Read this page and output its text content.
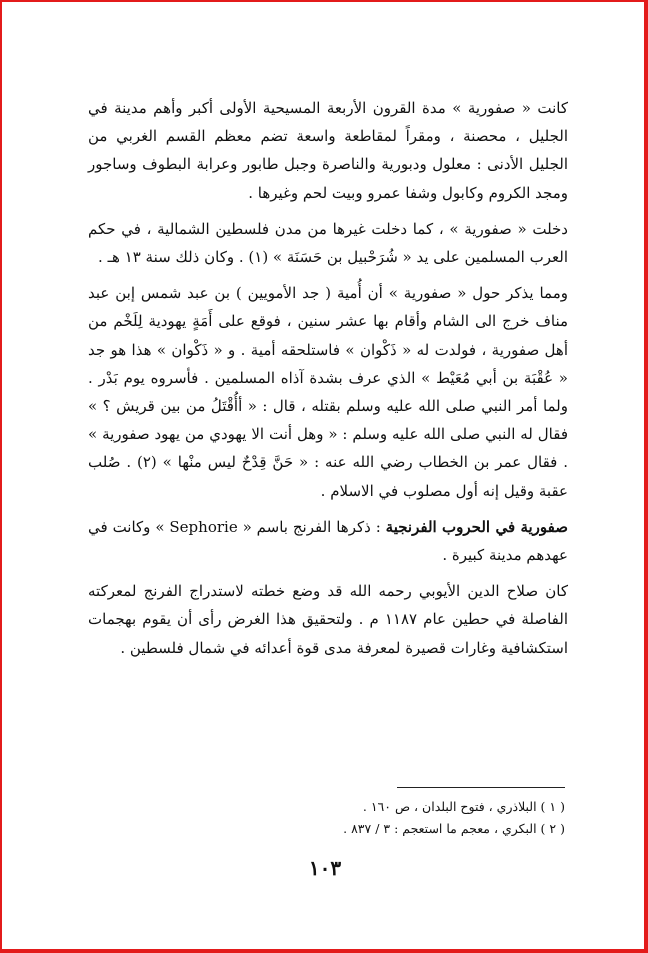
كانت « صفورية » مدة القرون الأربعة المسيحية الأولى أكبر وأهم مدينة في الجليل ، محصنة ، ومقراً لمقاطعة واسعة تضم معظم القسم الغربي من الجليل الأدنى : معلول ودبورية والناصرة وجبل طابور وعرابة البطوف وساجور ومجد الكروم وكابول وشفا عمرو وبيت لحم وغيرها .

دخلت « صفورية » ، كما دخلت غيرها من مدن فلسطين الشمالية ، في حكم العرب المسلمين على يد « شُرَحْبيل بن حَسَنَة » (١) . وكان ذلك سنة ١٣ هـ .

ومما يذكر حول « صفورية » أن أُمية ( جد الأمويين ) بن عبد شمس إبن عبد مناف خرج الى الشام وأقام بها عشر سنين ، فوقع على أَمَةٍ يهودية لِلَخْم من أهل صفورية ، فولدت له « ذَكْوان » فاستلحقه أمية . و « ذَكْوان » هذا هو جد « عُقْبَة بن أبي مُعَيْط » الذي عرف بشدة آذاه المسلمين . فأسروه يوم بَدْر . ولما أمر النبي صلى الله عليه وسلم بقتله ، قال : « أأُقْتَلُ من بين قريش ؟ » فقال له النبي صلى الله عليه وسلم : « وهل أنت الا يهودي من يهود صفورية » . فقال عمر بن الخطاب رضي الله عنه : « حَنَّ قِدْحٌ ليس منْها » (٢) . صُلب عقبة وقيل إنه أول مصلوب في الاسلام .

صفورية في الحروب الفرنجية : ذكرها الفرنج باسم « Sephorie » وكانت في عهدهم مدينة كبيرة .

كان صلاح الدين الأيوبي رحمه الله قد وضع خطته لاستدراج الفرنج لمعركته الفاصلة في حطين عام ١١٨٧ م . ولتحقيق هذا الغرض رأى أن يقوم بهجمات استكشافية وغارات قصيرة لمعرفة مدى قوة أعدائه في شمال فلسطين .

( ١ ) البلاذري ، فتوح البلدان ، ص ١٦٠ .
( ٢ ) البكري ، معجم ما استعجم : ٣ / ٨٣٧ .
١٠٣
